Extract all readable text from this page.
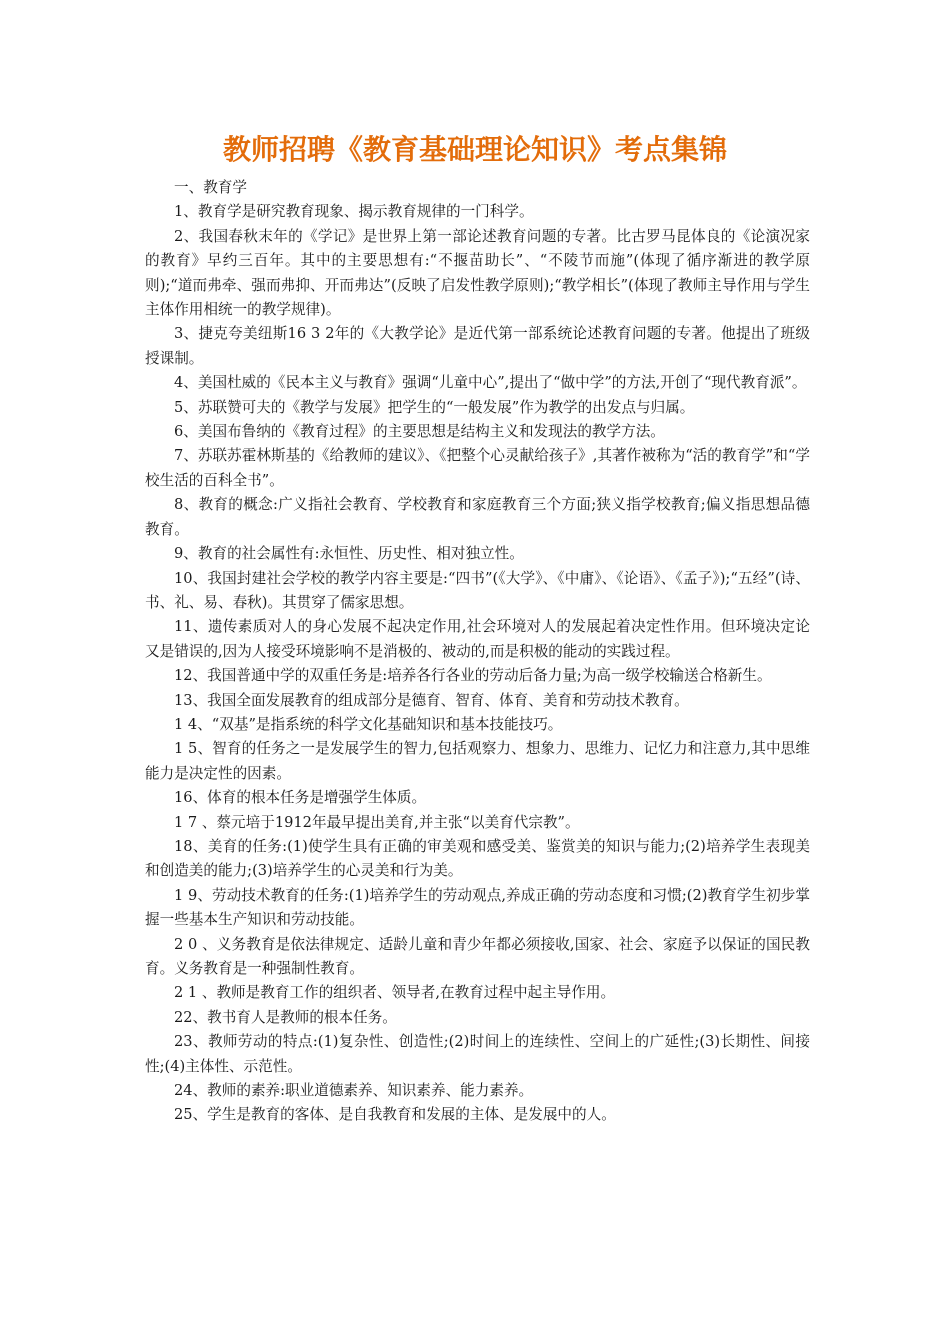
教师招聘《教育基础理论知识》考点集锦

一、教育学

1、教育学是研究教育现象、揭示教育规律的一门科学。

2、我国春秋末年的《学记》是世界上第一部论述教育问题的专著。比古罗马昆体良的《论演况家的教育》早约三百年。其中的主要思想有:“不揠苗助长”、“不陵节而施”(体现了循序渐进的教学原则);“道而弗牵、强而弗抑、开而弗达”(反映了启发性教学原则);“教学相长”(体现了教师主导作用与学生主体作用相统一的教学规律)。

3、捷克夸美纽斯16 3 2年的《大教学论》是近代第一部系统论述教育问题的专著。他提出了班级授课制。

4、美国杜威的《民本主义与教育》强调“儿童中心”,提出了“做中学”的方法,开创了“现代教育派”。

5、苏联赞可夫的《教学与发展》把学生的“一般发展”作为教学的出发点与归属。

6、美国布鲁纳的《教育过程》的主要思想是结构主义和发现法的教学方法。

7、苏联苏霍林斯基的《给教师的建议》、《把整个心灵献给孩子》,其著作被称为“活的教育学”和“学校生活的百科全书”。

8、教育的概念:广义指社会教育、学校教育和家庭教育三个方面;狭义指学校教育;偏义指思想品德教育。

9、教育的社会属性有:永恒性、历史性、相对独立性。

10、我国封建社会学校的教学内容主要是:“四书”(《大学》、《中庸》、《论语》、《孟子》);“五经”(诗、书、礼、易、春秋)。其贯穿了儒家思想。

11、遗传素质对人的身心发展不起决定作用,社会环境对人的发展起着决定性作用。但环境决定论又是错误的,因为人接受环境影响不是消极的、被动的,而是积极的能动的实践过程。

12、我国普通中学的双重任务是:培养各行各业的劳动后备力量;为高一级学校输送合格新生。

13、我国全面发展教育的组成部分是德育、智育、体育、美育和劳动技术教育。

1 4、“双基”是指系统的科学文化基础知识和基本技能技巧。

1 5、智育的任务之一是发展学生的智力,包括观察力、想象力、思维力、记忆力和注意力,其中思维能力是决定性的因素。

16、体育的根本任务是增强学生体质。

1 7 、蔡元培于1912年最早提出美育,并主张“以美育代宗教”。

18、美育的任务:(1)使学生具有正确的审美观和感受美、鉴赏美的知识与能力;(2)培养学生表现美和创造美的能力;(3)培养学生的心灵美和行为美。

1 9、劳动技术教育的任务:(1)培养学生的劳动观点,养成正确的劳动态度和习惯;(2)教育学生初步掌握一些基本生产知识和劳动技能。

2 0 、义务教育是依法律规定、适龄儿童和青少年都必须接收,国家、社会、家庭予以保证的国民教育。义务教育是一种强制性教育。

2 1 、教师是教育工作的组织者、领导者,在教育过程中起主导作用。

22、教书育人是教师的根本任务。

23、教师劳动的特点:(1)复杂性、创造性;(2)时间上的连续性、空间上的广延性;(3)长期性、间接性;(4)主体性、示范性。

24、教师的素养:职业道德素养、知识素养、能力素养。

25、学生是教育的客体、是自我教育和发展的主体、是发展中的人。
